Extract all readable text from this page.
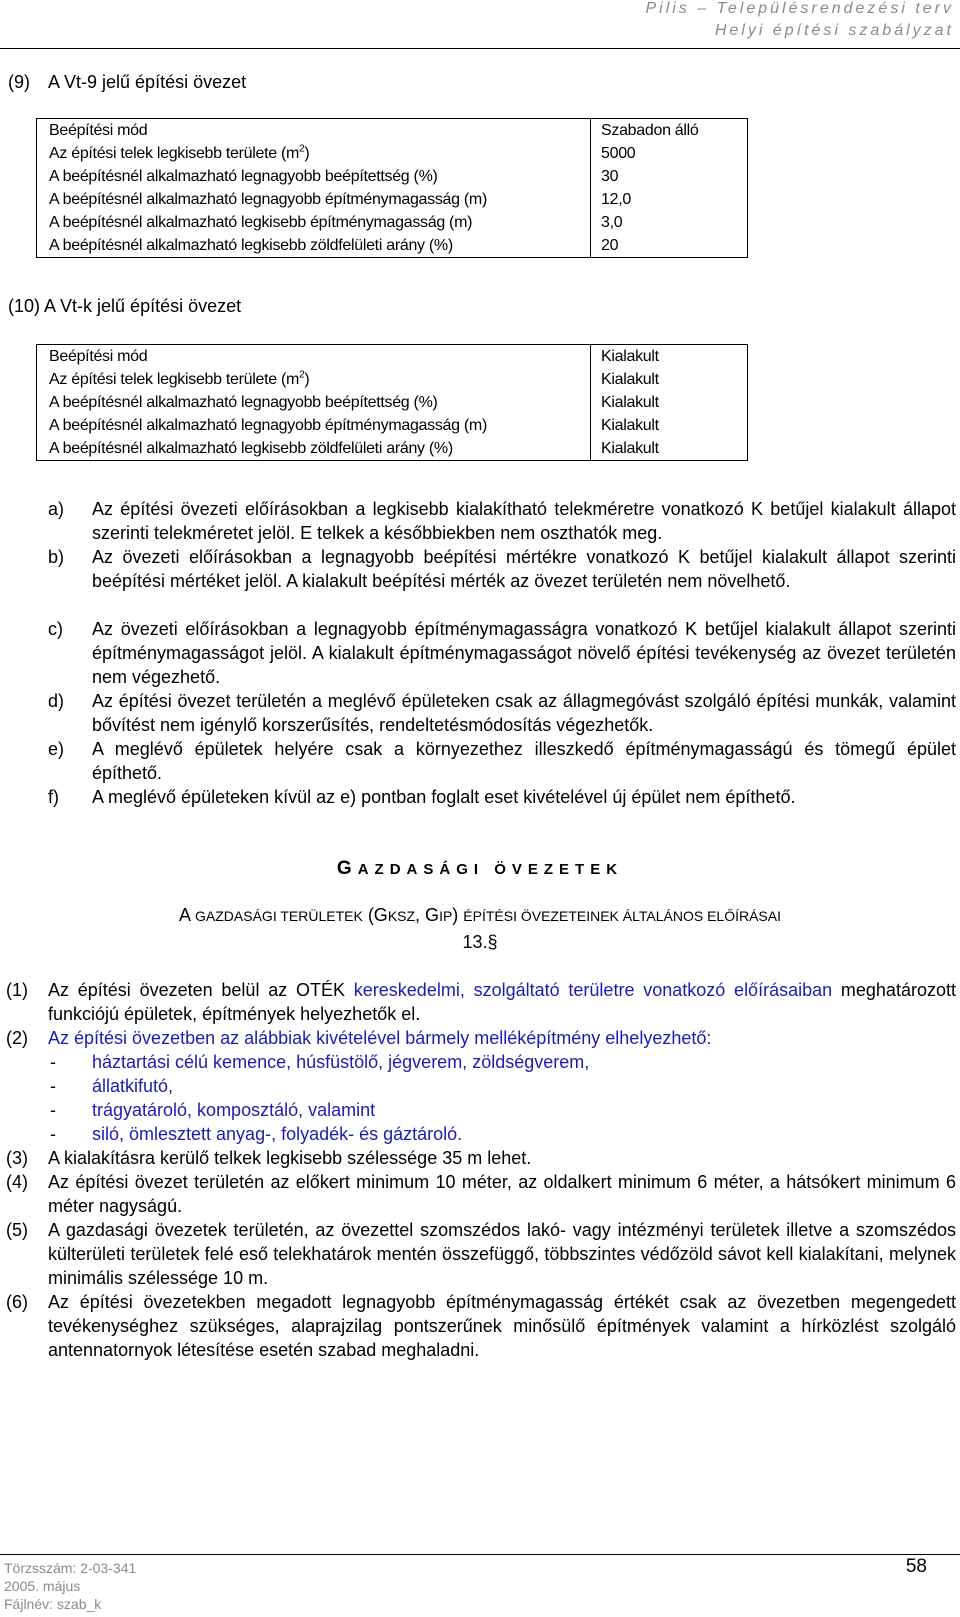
Pilis – Településrendezési terv
Helyi építési szabályzat
(9) A Vt-9 jelű építési övezet
Beépítési mód	Szabadon álló
Az építési telek legkisebb területe $(m^2)$	5000
A beépítésnél alkalmazható legnagyobb beépítettség (%)	30
A beépítésnél alkalmazható legnagyobb építménymagasság (m)	12,0
A beépítésnél alkalmazható legkisebb építménymagasság (m)	3,0
A beépítésnél alkalmazható legkisebb zöldfelületi arány (%)	20
(10) A Vt-k jelű építési övezet
Beépítési mód	Kialakult
Az építési telek legkisebb területe $(m^2)$	Kialakult
A beépítésnél alkalmazható legnagyobb beépítettség (%)	Kialakult
A beépítésnél alkalmazható legnagyobb építménymagasság (m)	Kialakult
A beépítésnél alkalmazható legkisebb zöldfelületi arány (%)	Kialakult
a) Az építési övezeti előírásokban a legkisebb kialakítható telekméretre vonatkozó K betűjel kialakult állapot szerinti telekméretet jelöl. E telkek a későbbiekben nem oszthatók meg.
b) Az övezeti előírásokban a legnagyobb beépítési mértékre vonatkozó K betűjel kialakult állapot szerinti beépítési mértéket jelöl. A kialakult beépítési mérték az övezet területén nem növelhető.
c) Az övezeti előírásokban a legnagyobb építménymagasságra vonatkozó K betűjel kialakult állapot szerinti építménymagasságot jelöl. A kialakult építménymagasságot növelő építési tevékenység az övezet területén nem végezhető.
d) Az építési övezet területén a meglévő épületeken csak az állagmegóvást szolgáló építési munkák, valamint bővítést nem igénylő korszerűsítés, rendeltetésmódosítás végezhetők.
e) A meglévő épületek helyére csak a környezethez illeszkedő építménymagasságú és tömegű épület építhető.
f) A meglévő épületeken kívül az e) pontban foglalt eset kivételével új épület nem építhető.
GAZDASÁGI ÖVEZETEK
A GAZDASÁGI TERÜLETEK (GKSZ, GIP) ÉPÍTÉSI ÖVEZETEINEK ÁLTALÁNOS ELŐÍRÁSAI
13.§
(1) Az építési övezeten belül az OTÉK kereskedelmi, szolgáltató területre vonatkozó előírásaiban meghatározott funkciójú épületek, építmények helyezhetők el.
(2) Az építési övezetben az alábbiak kivételével bármely melléképítmény elhelyezhető:
- háztartási célú kemence, húsfüstölő, jégverem, zöldségverem,
- állatkifutó,
- trágyatároló, komposztáló, valamint
- siló, ömlesztett anyag-, folyadék- és gáztároló.
(3) A kialakításra kerülő telkek legkisebb szélessége 35 m lehet.
(4) Az építési övezet területén az előkert minimum 10 méter, az oldalkert minimum 6 méter, a hátsókert minimum 6 méter nagyságú.
(5) A gazdasági övezetek területén, az övezettel szomszédos lakó- vagy intézményi területek illetve a szomszédos külterületi területek felé eső telekhatárok mentén összefüggő, többszintes védőzöld sávot kell kialakítani, melynek minimális szélessége 10 m.
(6) Az építési övezetekben megadott legnagyobb építménymagasság értékét csak az övezetben megengedett tevékenységhez szükséges, alaprajzilag pontszerűnek minősülő építmények valamint a hírközlést szolgáló antennatornyok létesítése esetén szabad meghaladni.
Törzsszám: 2-03-341
2005. május
Fájlnév: szab_k
58
